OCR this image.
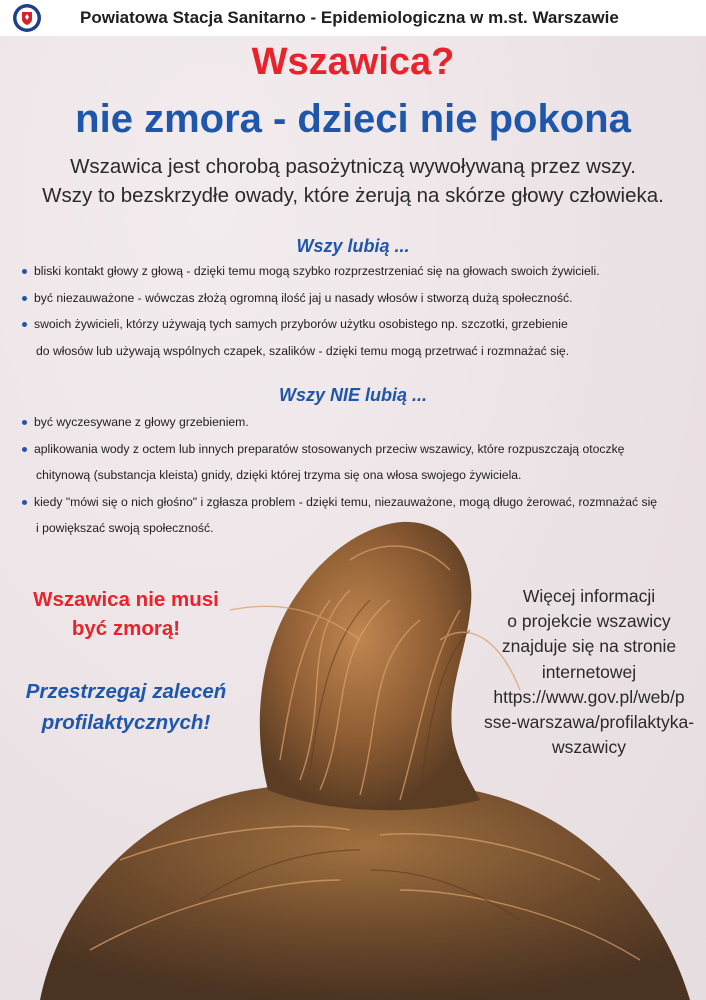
Powiatowa Stacja Sanitarno - Epidemiologiczna w m.st. Warszawie
Wszawica?
nie zmora - dzieci nie pokona
Wszawica jest chorobą pasożytniczą wywoływaną przez wszy.
Wszy to bezskrzydłe owady, które żerują na skórze głowy człowieka.
Wszy lubią ...
bliski kontakt głowy z głową - dzięki temu mogą szybko rozprzestrzeniać się na głowach swoich żywicieli.
być niezauważone - wówczas złożą ogromną ilość jaj u nasady włosów i stworzą dużą społeczność.
swoich żywicieli, którzy używają tych samych przyborów użytku osobistego np. szczotki, grzebienie
do włosów lub używają wspólnych czapek, szalików - dzięki temu mogą przetrwać i rozmnażać się.
Wszy NIE lubią ...
być wyczesywane z głowy grzebieniem.
aplikowania wody z octem lub innych preparatów stosowanych przeciw wszawicy, które rozpuszczają otoczkę
chitynową (substancja kleista) gnidy, dzięki której trzyma się ona włosa swojego żywiciela.
kiedy "mówi się o nich głośno" i zgłasza problem - dzięki temu, niezauważone, mogą długo żerować, rozmnażać się
i powiększać swoją społeczność.
Wszawica nie musi
być zmorą!
Przestrzegaj zaleceń
profilaktycznych!
Więcej informacji
o projekcie wszawicy
znajduje się na stronie
internetowej
https://www.gov.pl/web/p
sse-warszawa/profilaktyka-
wszawicy
